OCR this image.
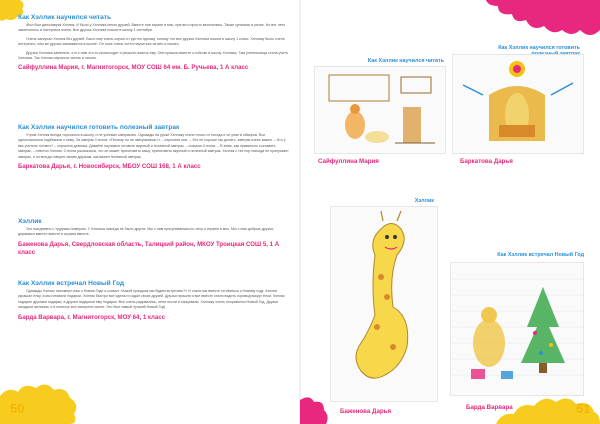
Как Хэллик научился читать

Жил был динозаврик Хэллик. И было у Хэллика много друзей. Вместе они играли в мяч, прятки и просто веселились. Также купались в речке. Но вот лето закончилось и наступила осень. Все друзья Хэллика пошли в школу 1 сентября.

Очень заскучал Хэллик без друзей. Было ему очень скучно и грустно одному, потому что все друзья Хэллика пошли в школу 1 класс. Хэллику было очень интересно, чем же друзья занимаются в школе. Он тоже очень хотел научиться читать и писать.

Друзья Хэллика заметили, что с ним что-то происходит и решили помочь ему. Они пришли вместе к соболю в школу Хэллика. Там учительница стала учить Хэллика. Так Хэллик научился читать и писать.

Сайфуллина Мария, г. Магнитогорск, МОУ СОШ 64 им. Б. Ручьева, 1 А класс

Как Хэллик научился готовить полезный завтрак

Утром Хэллик всегда торопился в школу, и не успевал завтракать. Однажды на уроке Хэллику стало плохо от голода и он упал в обморок. Все одноклассники подбежали к нему. За завтрак Стелла: «Почему ты не завтракаешь?» – спросила она. – Это не хорошо так делать, завтрак очень важен. – Кто у вас учитель готовит? – спросила девочка. Давайте научимся готовить вкусный и полезный завтрак, – сказала Стелла. – Я знаю, как правильно составить завтрак, – ответил Хэллик. Стелла рассказала, что он может приготовить кашу, приготовить вкусный и полезный завтрак. Хэллик с тех пор никогда не пропускает завтрак, и он всегда говорит своим друзьям, как важен полезный завтрак.

Баркатова Дарья, г. Новосибирск, МБОУ СОШ 168, 1 А класс

Хэллик

Это ежедневно с трудным номером. У Хэллика никогда не было других. Мы с ним прогуливаемся по лесу и играем в мяч. Мы с ним добрые друзья, держимся вместе вместе и играем вместе.

Баженова Дарья, Свердловская область, Талицкий район, МКОУ Троицкая СОШ 5, 1 А класс

Как Хэллик встречал Новый Год

Однажды Хэллик напомнил нам о Новом Годе и сказал: «Какой праздник мы будем встречать?» И стали мы вместе готовиться к Новому году. Хэллик украшал ёлку, а мы готовили подарки. Хэллик быстро все сделал и ждал своих друзей. Друзья пришли и все вместе стали водить хоровод вокруг ёлки. Хэллик подарил друзьям подарки, а друзья подарили ему подарки. Все очень радовались, пели песни и танцевали. Хэллику очень понравился Новый Год. Друзья загадали желания, и в полночь все смотрели салют. Это был самый лучший Новый Год!

Барда Варвара, г. Магнитогорск, МОУ 64, 1 класс

50
Как Хэллик научился читать
Как Хэллик научился готовить
Сайфуллина Мария	Баркатова Дарья
Хэллик
Как Хэллик встречал Новый Год
Баженова Дарья
Барда Варвара	51
